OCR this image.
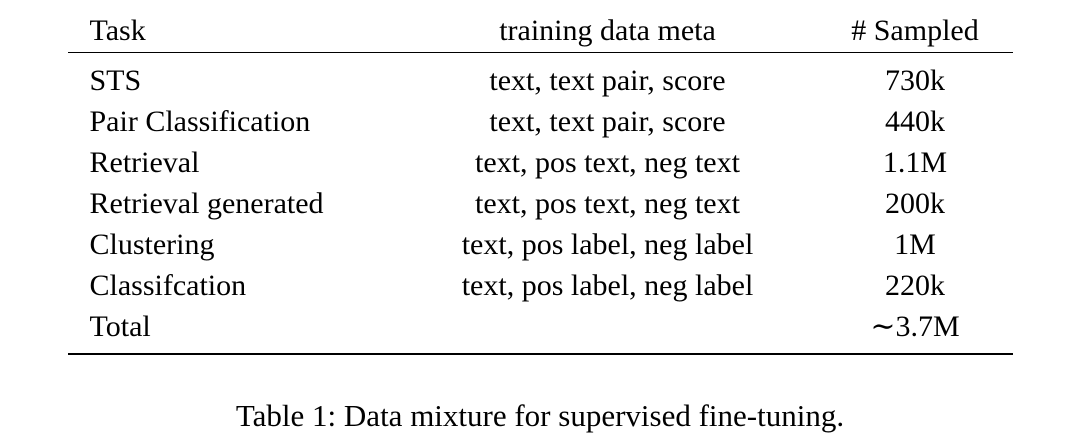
Task	training data meta	# Sampled
STS	text, text pair, score	730k
Pair Classification	text, text pair, score	440k
Retrieval	text, pos text, neg text	1.1M
Retrieval generated	text, pos text, neg text	200k
Clustering	text, pos label, neg label	1M
Classifcation	text, pos label, neg label	220k
Total		∼3.7M
Table 1: Data mixture for supervised fine-tuning.
